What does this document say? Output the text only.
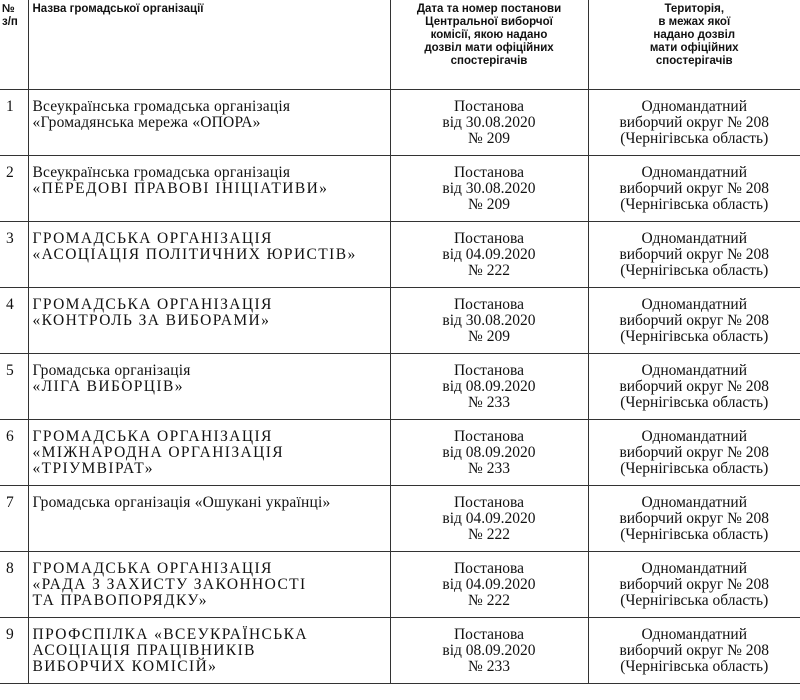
№
з/п	Назва громадської організації	Дата та номер постанови
Центральної виборчої
комісії, якою надано
дозвіл мати офіційних
спостерігачів	Територія,
в межах якої
надано дозвіл
мати офіційних
спостерігачів

1	Всеукраїнська громадська організація
«Громадянська мережа «ОПОРА»	Постанова
від 30.08.2020
№ 209	Одномандатний
виборчий округ № 208
(Чернігівська область)

2	Всеукраїнська громадська організація
«ПЕРЕДОВІ ПРАВОВІ ІНІЦІАТИВИ»	Постанова
від 30.08.2020
№ 209	Одномандатний
виборчий округ № 208
(Чернігівська область)

3	ГРОМАДСЬКА ОРГАНІЗАЦІЯ
«АСОЦІАЦІЯ ПОЛІТИЧНИХ ЮРИСТІВ»	Постанова
від 04.09.2020
№ 222	Одномандатний
виборчий округ № 208
(Чернігівська область)

4	ГРОМАДСЬКА ОРГАНІЗАЦІЯ
«КОНТРОЛЬ ЗА ВИБОРАМИ»	Постанова
від 30.08.2020
№ 209	Одномандатний
виборчий округ № 208
(Чернігівська область)

5	Громадська організація
«ЛІГА ВИБОРЦІВ»	Постанова
від 08.09.2020
№ 233	Одномандатний
виборчий округ № 208
(Чернігівська область)

6	ГРОМАДСЬКА ОРГАНІЗАЦІЯ
«МІЖНАРОДНА ОРГАНІЗАЦІЯ
«ТРІУМВІРАТ»	Постанова
від 08.09.2020
№ 233	Одномандатний
виборчий округ № 208
(Чернігівська область)

7	Громадська організація «Ошукані українці»	Постанова
від 04.09.2020
№ 222	Одномандатний
виборчий округ № 208
(Чернігівська область)

8	ГРОМАДСЬКА ОРГАНІЗАЦІЯ
«РАДА З ЗАХИСТУ ЗАКОННОСТІ
ТА ПРАВОПОРЯДКУ»	Постанова
від 04.09.2020
№ 222	Одномандатний
виборчий округ № 208
(Чернігівська область)

9	ПРОФСПІЛКА «ВСЕУКРАЇНСЬКА
АСОЦІАЦІЯ ПРАЦІВНИКІВ
ВИБОРЧИХ КОМІСІЙ»	Постанова
від 08.09.2020
№ 233	Одномандатний
виборчий округ № 208
(Чернігівська область)
